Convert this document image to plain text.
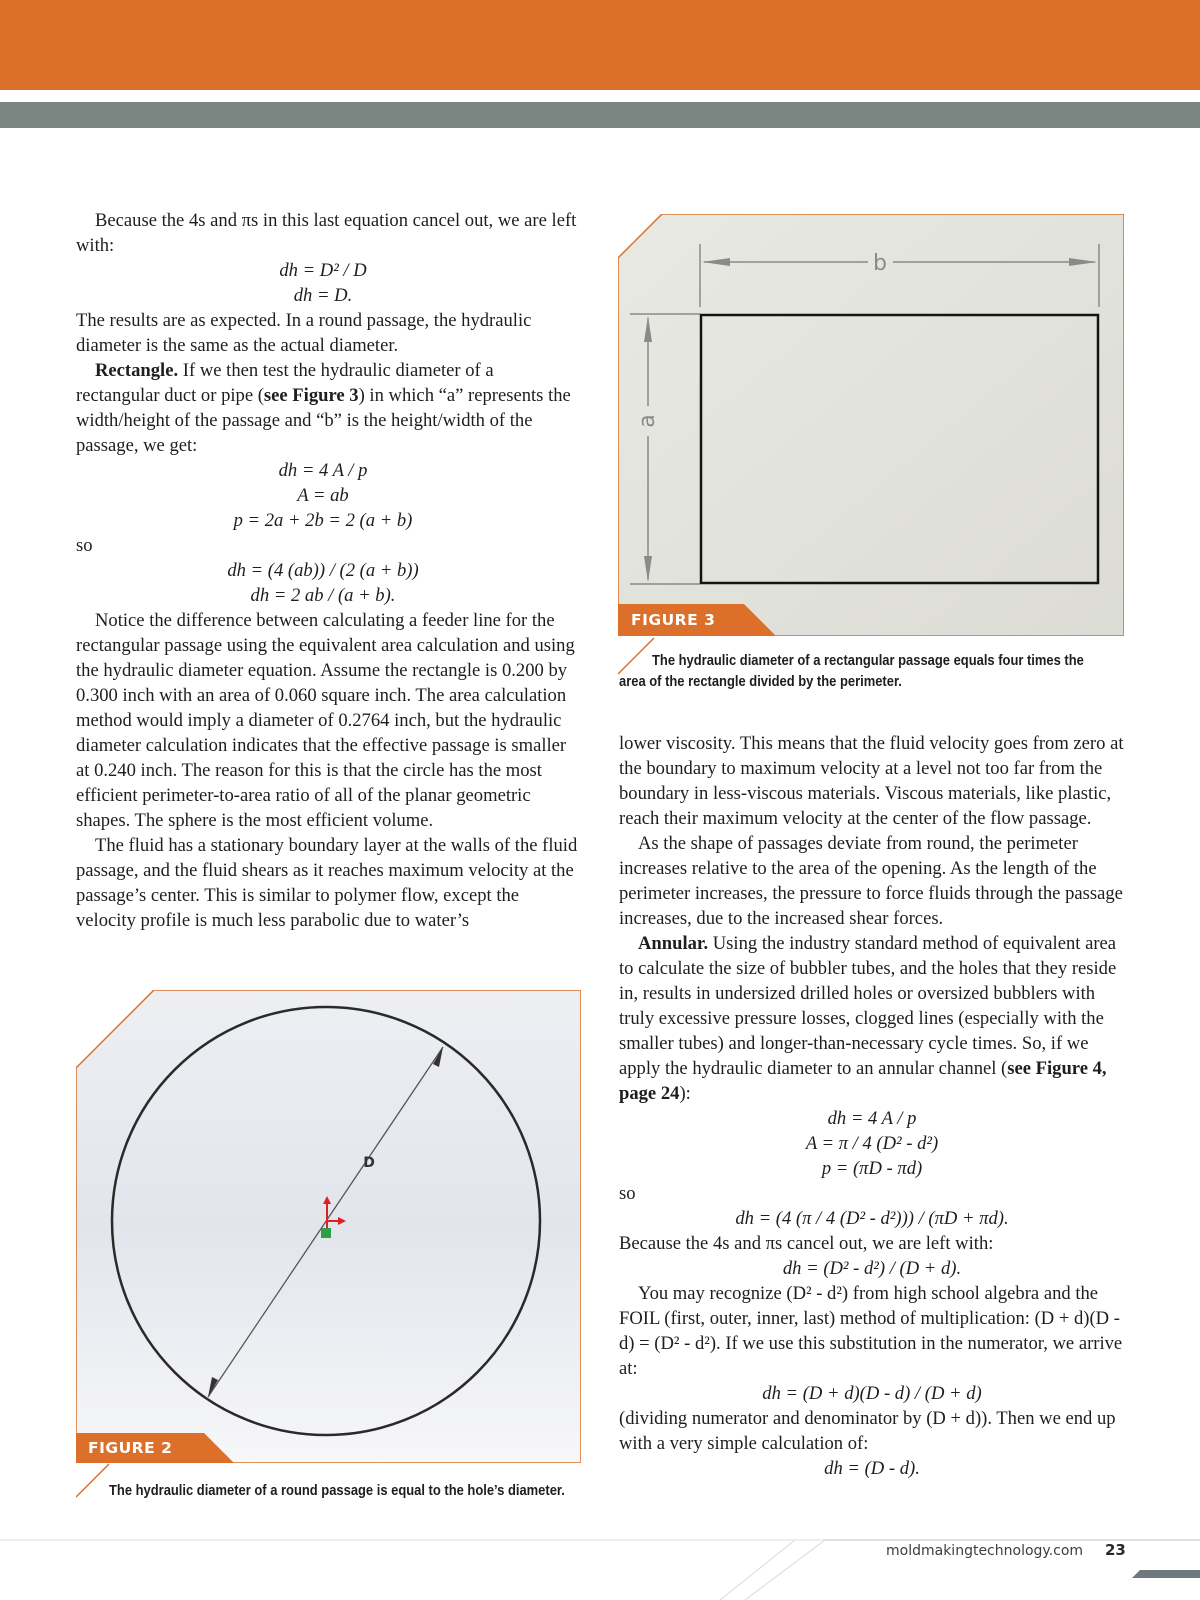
Because the 4s and πs in this last equation cancel out, we are left with:

dh = D² / D

dh = D.

The results are as expected. In a round passage, the hydraulic diameter is the same as the actual diameter.

Rectangle. If we then test the hydraulic diameter of a rectangular duct or pipe (see Figure 3) in which “a” represents the width/height of the passage and “b” is the height/width of the passage, we get:

dh = 4 A / p

A = ab

p = 2a + 2b = 2 (a + b)

so

dh = (4 (ab)) / (2 (a + b))

dh = 2 ab / (a + b).

Notice the difference between calculating a feeder line for the rectangular passage using the equivalent area calculation and using the hydraulic diameter equation. Assume the rectangle is 0.200 by 0.300 inch with an area of 0.060 square inch. The area calculation method would imply a diameter of 0.2764 inch, but the hydraulic diameter calculation indicates that the effective passage is smaller at 0.240 inch. The reason for this is that the circle has the most efficient perimeter-to-area ratio of all of the planar geometric shapes. The sphere is the most efficient volume.

The fluid has a stationary boundary layer at the walls of the fluid passage, and the fluid shears as it reaches maximum velocity at the passage’s center. This is similar to polymer flow, except the velocity profile is much less parabolic due to water’s

b
a
FIGURE 3
The hydraulic diameter of a rectangular passage equals four times the
area of the rectangle divided by the perimeter.

lower viscosity. This means that the fluid velocity goes from zero at the boundary to maximum velocity at a level not too far from the boundary in less-viscous materials. Viscous materials, like plastic, reach their maximum velocity at the center of the flow passage.

As the shape of passages deviate from round, the perimeter increases relative to the area of the opening. As the length of the perimeter increases, the pressure to force fluids through the passage increases, due to the increased shear forces.

Annular. Using the industry standard method of equivalent area to calculate the size of bubbler tubes, and the holes that they reside in, results in undersized drilled holes or oversized bubblers with truly excessive pressure losses, clogged lines (especially with the smaller tubes) and longer-than-necessary cycle times. So, if we apply the hydraulic diameter to an annular channel (see Figure 4, page 24):

dh = 4 A / p

A = π / 4 (D² - d²)

p = (πD - πd)

so

dh = (4 (π / 4 (D² - d²))) / (πD + πd).

Because the 4s and πs cancel out, we are left with:

dh = (D² - d²) / (D + d).

You may recognize (D² - d²) from high school algebra and the FOIL (first, outer, inner, last) method of multiplication: (D + d)(D - d) = (D² - d²). If we use this substitution in the numerator, we arrive at:

dh = (D + d)(D - d) / (D + d)

(dividing numerator and denominator by (D + d)). Then we end up with a very simple calculation of:

dh = (D - d).

D
FIGURE 2
The hydraulic diameter of a round passage is equal to the hole’s diameter.
moldmakingtechnology.com 23
